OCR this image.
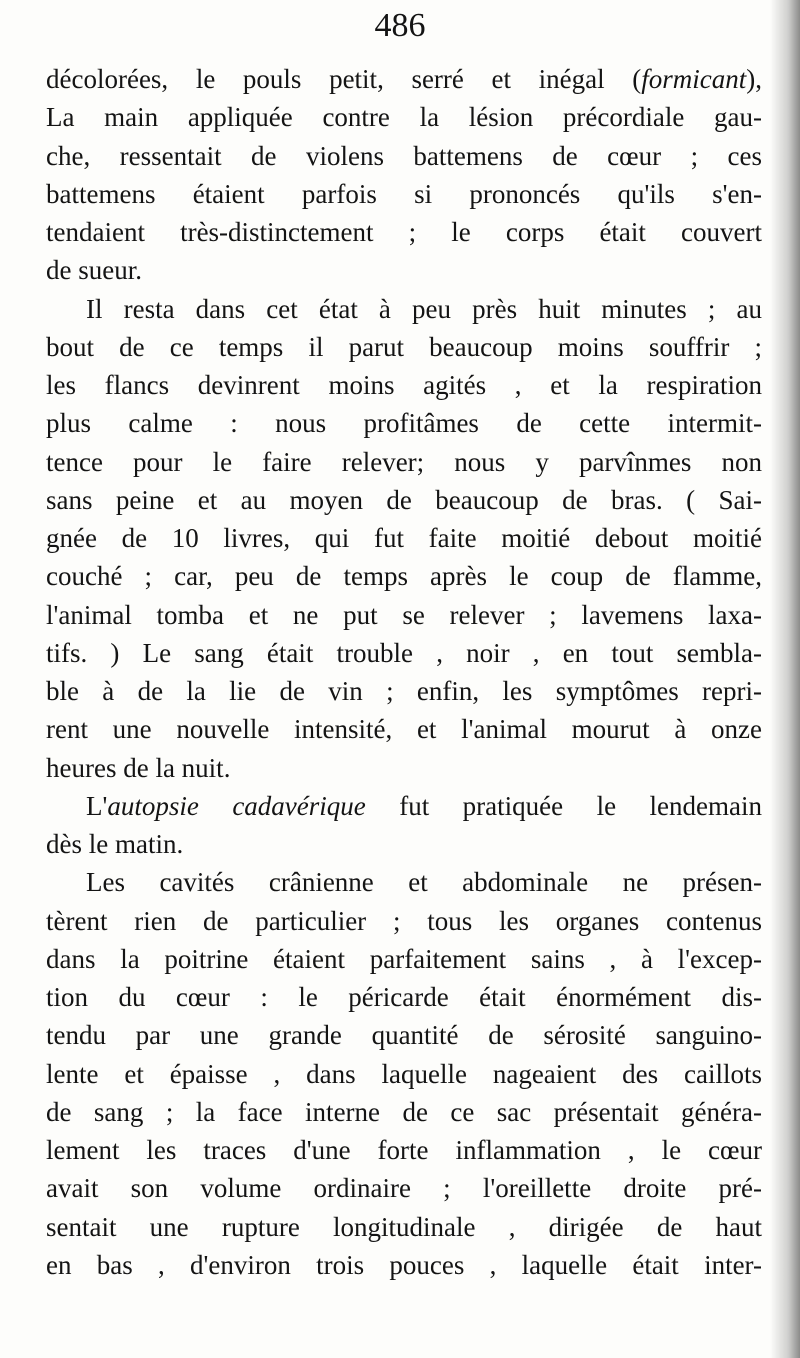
486
décolorées, le pouls petit, serré et inégal (formicant),
La main appliquée contre la lésion précordiale gau-
che, ressentait de violens battemens de cœur ; ces
battemens étaient parfois si prononcés qu'ils s'en-
tendaient très-distinctement ; le corps était couvert
de sueur.
Il resta dans cet état à peu près huit minutes ; au
bout de ce temps il parut beaucoup moins souffrir ;
les flancs devinrent moins agités , et la respiration
plus calme : nous profitâmes de cette intermit-
tence pour le faire relever; nous y parvînmes non
sans peine et au moyen de beaucoup de bras. ( Sai-
gnée de 10 livres, qui fut faite moitié debout moitié
couché ; car, peu de temps après le coup de flamme,
l'animal tomba et ne put se relever ; lavemens laxa-
tifs. ) Le sang était trouble , noir , en tout sembla-
ble à de la lie de vin ; enfin, les symptômes repri-
rent une nouvelle intensité, et l'animal mourut à onze
heures de la nuit.
L'autopsie cadavérique fut pratiquée le lendemain
dès le matin.
Les cavités crânienne et abdominale ne présen-
tèrent rien de particulier ; tous les organes contenus
dans la poitrine étaient parfaitement sains , à l'excep-
tion du cœur : le péricarde était énormément dis-
tendu par une grande quantité de sérosité sanguino-
lente et épaisse , dans laquelle nageaient des caillots
de sang ; la face interne de ce sac présentait généra-
lement les traces d'une forte inflammation , le cœur
avait son volume ordinaire ; l'oreillette droite pré-
sentait une rupture longitudinale , dirigée de haut
en bas , d'environ trois pouces , laquelle était inter-
